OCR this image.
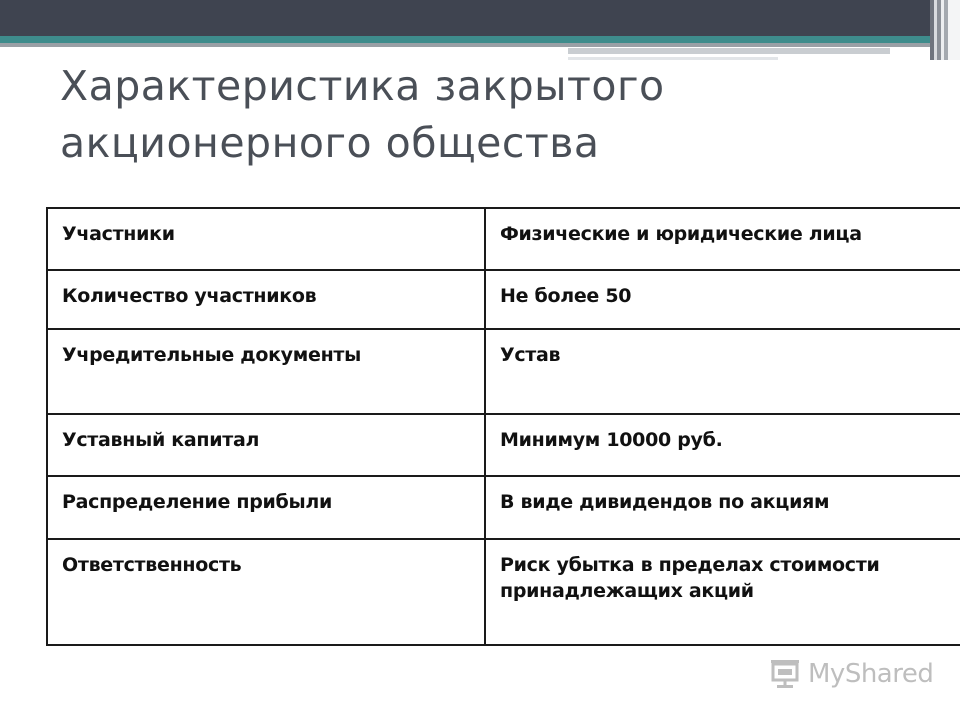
Характеристика закрытого акционерного общества
Участники	Физические и юридические лица
Количество участников	Не более 50
Учредительные документы	Устав
Уставный капитал	Минимум 10000 руб.
Распределение прибыли	В виде дивидендов по акциям
Ответственность	Риск убытка в пределах стоимости принадлежащих акций
MyShared
